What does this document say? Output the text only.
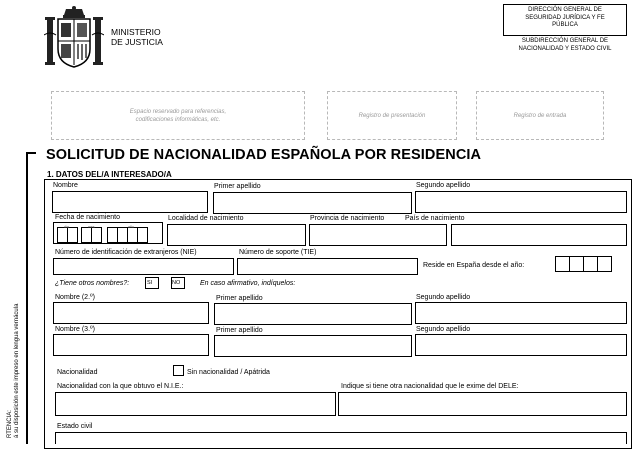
MINISTERIO
DE JUSTICIA
DIRECCIÓN GENERAL DE
SEGURIDAD JURÍDICA Y FE
PÚBLICA
SUBDIRECCIÓN GENERAL DE
NACIONALIDAD Y ESTADO CIVIL
Espacio reservado para referencias,
codificaciones informáticas, etc.
Registro de presentación	Registro de entrada
SOLICITUD DE NACIONALIDAD ESPAÑOLA POR RESIDENCIA
1. DATOS DEL/A INTERESADO/A
Nombre	Primer apellido	Segundo apellido
Fecha de nacimiento
día	mes	año
Localidad de nacimiento	Provincia de nacimiento	País de nacimiento
Número de identificación de extranjeros (NIE)	Número de soporte (TIE)
Reside en España desde el año:
¿Tiene otros nombres?:	SI	NO	En caso afirmativo, indíquelos:
Nombre (2.º)	Primer apellido	Segundo apellido
Nombre (3.º)	Primer apellido	Segundo apellido
Nacionalidad	Sin nacionalidad / Apátrida
Nacionalidad con la que obtuvo el N.I.E.:	Indique si tiene otra nacionalidad que le exime del DELE:
Estado civil
RTENCIA: á su disposición este impreso en lengua vernácula
